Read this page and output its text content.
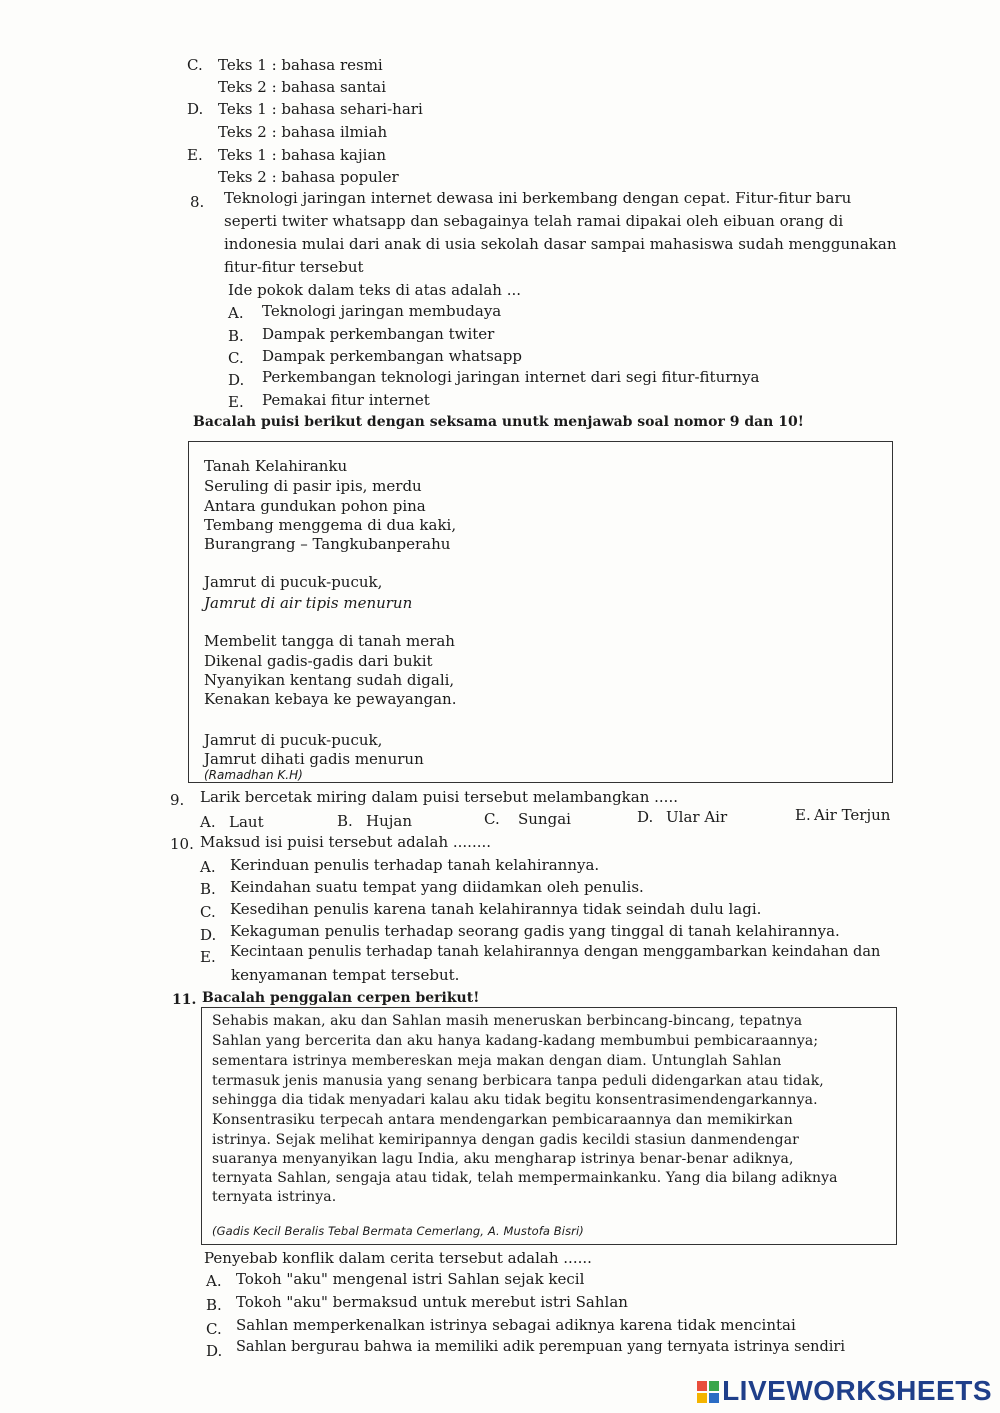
C. Teks 1 : bahasa resmi
Teks 2 : bahasa santai
D. Teks 1 : bahasa sehari-hari
Teks 2 : bahasa ilmiah
E. Teks 1 : bahasa kajian
Teks 2 : bahasa populer
8. Teknologi jaringan internet dewasa ini berkembang dengan cepat. Fitur-fitur baru
seperti twiter whatsapp dan sebagainya telah ramai dipakai oleh eibuan orang di
indonesia mulai dari anak di usia sekolah dasar sampai mahasiswa sudah menggunakan
fitur-fitur tersebut
Ide pokok dalam teks di atas adalah ...
A. Teknologi jaringan membudaya
B. Dampak perkembangan twiter
C. Dampak perkembangan whatsapp
D. Perkembangan teknologi jaringan internet dari segi fitur-fiturnya
E. Pemakai fitur internet
Bacalah puisi berikut dengan seksama unutk menjawab soal nomor 9 dan 10!
Tanah Kelahiranku
Seruling di pasir ipis, merdu
Antara gundukan pohon pina
Tembang menggema di dua kaki,
Burangrang – Tangkubanperahu
Jamrut di pucuk-pucuk,
Jamrut di air tipis menurun
Membelit tangga di tanah merah
Dikenal gadis-gadis dari bukit
Nyanyikan kentang sudah digali,
Kenakan kebaya ke pewayangan.
Jamrut di pucuk-pucuk,
Jamrut dihati gadis menurun
(Ramadhan K.H)
9. Larik bercetak miring dalam puisi tersebut melambangkan .....
A. Laut	B. Hujan	C. Sungai	D. Ular Air	E. Air Terjun
10. Maksud isi puisi tersebut adalah ........
A. Kerinduan penulis terhadap tanah kelahirannya.
B. Keindahan suatu tempat yang diidamkan oleh penulis.
C. Kesedihan penulis karena tanah kelahirannya tidak seindah dulu lagi.
D. Kekaguman penulis terhadap seorang gadis yang tinggal di tanah kelahirannya.
E. Kecintaan penulis terhadap tanah kelahirannya dengan menggambarkan keindahan dan
kenyamanan tempat tersebut.
11. Bacalah penggalan cerpen berikut!
Sehabis makan, aku dan Sahlan masih meneruskan berbincang-bincang, tepatnya
Sahlan yang bercerita dan aku hanya kadang-kadang membumbui pembicaraannya;
sementara istrinya membereskan meja makan dengan diam. Untunglah Sahlan
termasuk jenis manusia yang senang berbicara tanpa peduli didengarkan atau tidak,
sehingga dia tidak menyadari kalau aku tidak begitu konsentrasimendengarkannya.
Konsentrasiku terpecah antara mendengarkan pembicaraannya dan memikirkan
istrinya. Sejak melihat kemiripannya dengan gadis kecildi stasiun danmendengar
suaranya menyanyikan lagu India, aku mengharap istrinya benar-benar adiknya,
ternyata Sahlan, sengaja atau tidak, telah mempermainkanku. Yang dia bilang adiknya
ternyata istrinya.
(Gadis Kecil Beralis Tebal Bermata Cemerlang, A. Mustofa Bisri)
Penyebab konflik dalam cerita tersebut adalah ......
A. Tokoh "aku" mengenal istri Sahlan sejak kecil
B. Tokoh "aku" bermaksud untuk merebut istri Sahlan
C. Sahlan memperkenalkan istrinya sebagai adiknya karena tidak mencintai
D. Sahlan bergurau bahwa ia memiliki adik perempuan yang ternyata istrinya sendiri
LIVEWORKSHEETS
